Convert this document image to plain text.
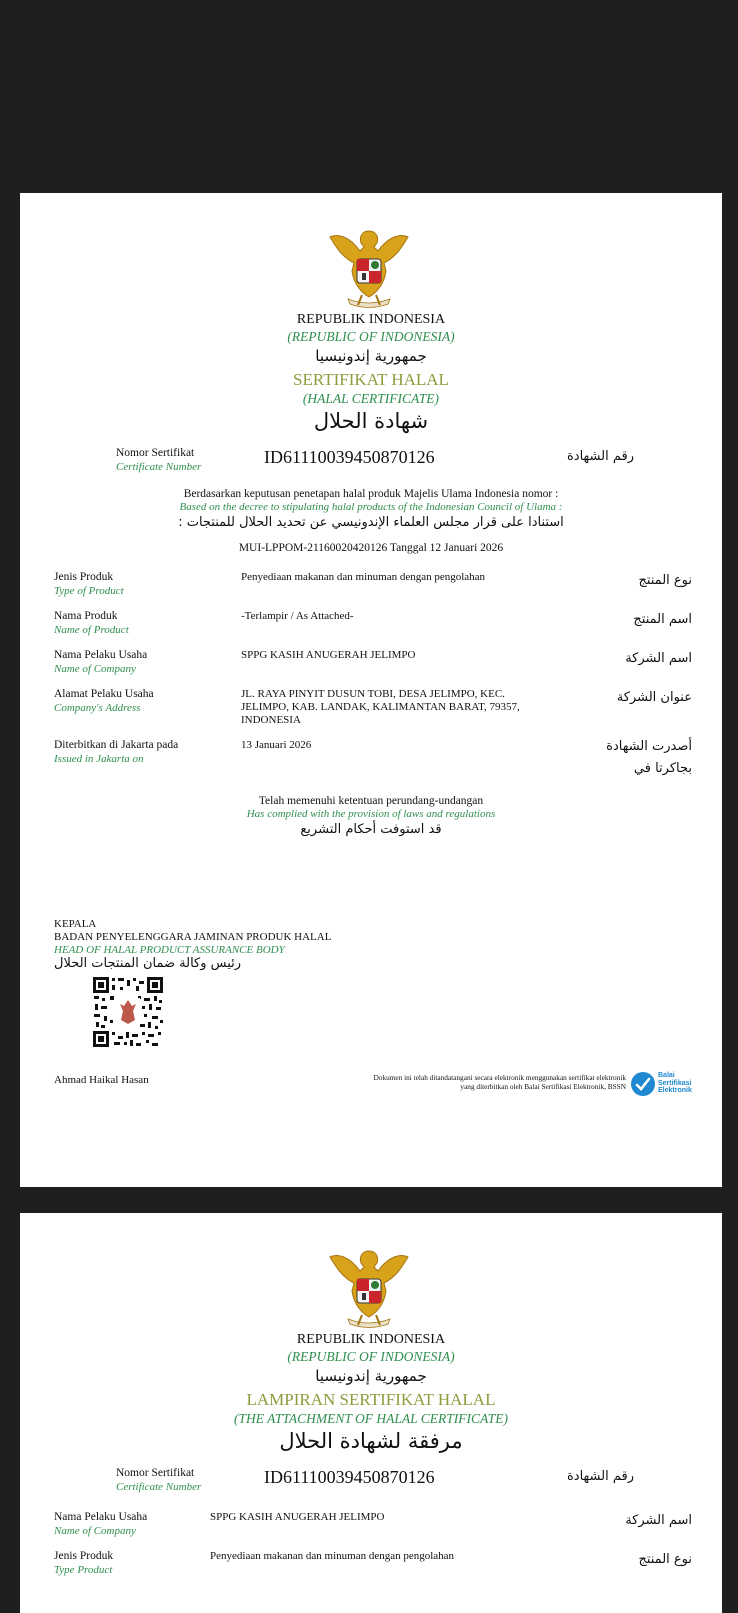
REPUBLIK INDONESIA
(REPUBLIC OF INDONESIA)
جمهورية إندونيسيا
SERTIFIKAT HALAL
(HALAL CERTIFICATE)
شهادة الحلال
Nomor Sertifikat
Certificate Number	ID61110039450870126	رقم الشهادة
Berdasarkan keputusan penetapan halal produk Majelis Ulama Indonesia nomor :
Based on the decree to stipulating halal products of the Indonesian Council of Ulama :
استنادا على قرار مجلس العلماء الإندونيسي عن تحديد الحلال للمنتجات :
MUI-LPPOM-21160020420126 Tanggal 12 Januari 2026
Jenis Produk
Type of Product
Penyediaan makanan dan minuman dengan pengolahan	نوع المنتج
Nama Produk
Name of Product
-Terlampir / As Attached-	اسم المنتج
Nama Pelaku Usaha
Name of Company
SPPG KASIH ANUGERAH JELIMPO	اسم الشركة
Alamat Pelaku Usaha
Company's Address
JL. RAYA PINYIT DUSUN TOBI, DESA JELIMPO, KEC.
JELIMPO, KAB. LANDAK, KALIMANTAN BARAT, 79357,
INDONESIA
عنوان الشركة
Diterbitkan di Jakarta pada
Issued in Jakarta on
13 Januari 2026	أصدرت الشهادة
بجاكرتا في
Telah memenuhi ketentuan perundang-undangan
Has complied with the provision of laws and regulations
قد استوفت أحكام التشريع
KEPALA
BADAN PENYELENGGARA JAMINAN PRODUK HALAL
HEAD OF HALAL PRODUCT ASSURANCE BODY
رئيس وكالة ضمان المنتجات الحلال
Ahmad Haikal Hasan	Dokumen ini telah ditandatangani secara elektronik menggunakan sertifikat elektronik
yang diterbitkan oleh Balai Sertifikasi Elektronik, BSSN
Balai
Sertifikasi
Elektronik
REPUBLIK INDONESIA
(REPUBLIC OF INDONESIA)
جمهورية إندونيسيا
LAMPIRAN SERTIFIKAT HALAL
(THE ATTACHMENT OF HALAL CERTIFICATE)
مرفقة لشهادة الحلال
Nomor Sertifikat
Certificate Number	ID61110039450870126	رقم الشهادة
Nama Pelaku Usaha
Name of Company
SPPG KASIH ANUGERAH JELIMPO	اسم الشركة
Jenis Produk
Type Product
Penyediaan makanan dan minuman dengan pengolahan	نوع المنتج
